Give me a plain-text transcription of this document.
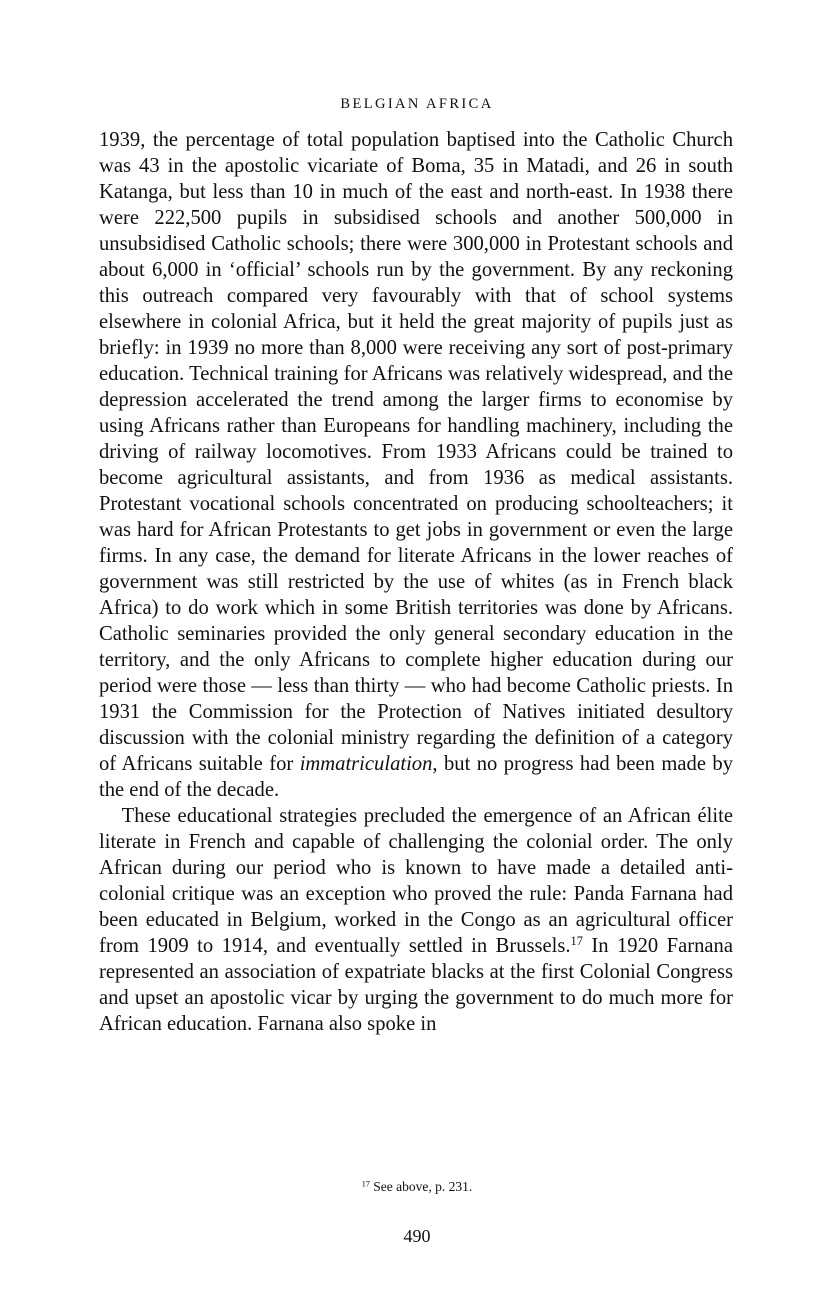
BELGIAN AFRICA

1939, the percentage of total population baptised into the Catholic Church was 43 in the apostolic vicariate of Boma, 35 in Matadi, and 26 in south Katanga, but less than 10 in much of the east and north-east. In 1938 there were 222,500 pupils in subsidised schools and another 500,000 in unsubsidised Catholic schools; there were 300,000 in Protestant schools and about 6,000 in ‘official’ schools run by the government. By any reckoning this outreach compared very favourably with that of school systems elsewhere in colonial Africa, but it held the great majority of pupils just as briefly: in 1939 no more than 8,000 were receiving any sort of post-primary education. Technical training for Africans was relatively widespread, and the depression accelerated the trend among the larger firms to economise by using Africans rather than Europeans for handling machinery, including the driving of railway locomotives. From 1933 Africans could be trained to become agricultural assistants, and from 1936 as medical assistants. Protestant vocational schools concentrated on producing schoolteachers; it was hard for African Protestants to get jobs in government or even the large firms. In any case, the demand for literate Africans in the lower reaches of government was still restricted by the use of whites (as in French black Africa) to do work which in some British territories was done by Africans. Catholic seminaries provided the only general secondary education in the territory, and the only Africans to complete higher education during our period were those — less than thirty — who had become Catholic priests. In 1931 the Commission for the Protection of Natives initiated desultory discussion with the colonial ministry regarding the definition of a category of Africans suitable for immatriculation, but no progress had been made by the end of the decade.

These educational strategies precluded the emergence of an African élite literate in French and capable of challenging the colonial order. The only African during our period who is known to have made a detailed anti-colonial critique was an exception who proved the rule: Panda Farnana had been educated in Belgium, worked in the Congo as an agricultural officer from 1909 to 1914, and eventually settled in Brussels.$^{17}$ In 1920 Farnana represented an association of expatriate blacks at the first Colonial Congress and upset an apostolic vicar by urging the government to do much more for African education. Farnana also spoke in

$^{17}$ See above, p. 231.
490
